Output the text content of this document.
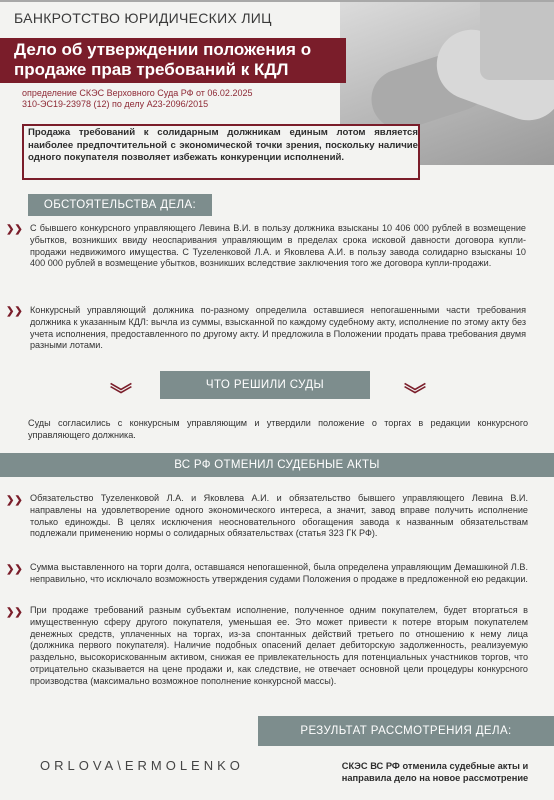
БАНКРОТСТВО ЮРИДИЧЕСКИХ ЛИЦ
Дело об утверждении положения о продаже прав требований к КДЛ
определение СКЭС Верховного Суда РФ от 06.02.2025
310-ЭС19-23978 (12) по делу А23-2096/2015
Продажа требований к солидарным должникам единым лотом является наиболее предпочтительной с экономической точки зрения, поскольку наличие одного покупателя позволяет избежать конкуренции исполнений.
ОБСТОЯТЕЛЬСТВА ДЕЛА:
❯❯ С бывшего конкурсного управляющего Левина В.И. в пользу должника взысканы 10 406 000 рублей в возмещение убытков, возникших ввиду неоспаривания управляющим в пределах срока исковой давности договора купли-продажи недвижимого имущества. С Туzеленковой Л.А. и Яковлева А.И. в пользу завода солидарно взысканы 10 400 000 рублей в возмещение убытков, возникших вследствие заключения того же договора купли-продажи.
❯❯ Конкурсный управляющий должника по-разному определила оставшиеся непогашенными части требования должника к указанным КДЛ: вычла из суммы, взысканной по каждому судебному акту, исполнение по этому акту без учета исполнения, предоставленного по другому акту. И предложила в Положении продать права требования двумя разными лотами.
ЧТО РЕШИЛИ СУДЫ
︾	︾
Суды согласились с конкурсным управляющим и утвердили положение о торгах в редакции конкурсного управляющего должника.
ВС РФ ОТМЕНИЛ СУДЕБНЫЕ АКТЫ
❯❯ Обязательство Туzеленковой Л.А. и Яковлева А.И. и обязательство бывшего управляющего Левина В.И. направлены на удовлетворение одного экономического интереса, а значит, завод вправе получить исполнение только единожды. В целях исключения неосновательного обогащения завода к названным обязательствам подлежали применению нормы о солидарных обязательствах (статья 323 ГК РФ).
❯❯ Сумма выставленного на торги долга, оставшаяся непогашенной, была определена управляющим Демашкиной Л.В. неправильно, что исключало возможность утверждения судами Положения о продаже в предложенной ею редакции.
❯❯ При продаже требований разным субъектам исполнение, полученное одним покупателем, будет вторгаться в имущественную сферу другого покупателя, уменьшая ее. Это может привести к потере вторым покупателем денежных средств, уплаченных на торгах, из-за спонтанных действий третьего по отношению к нему лица (должника первого покупателя). Наличие подобных опасений делает дебиторскую задолженность, реализуемую раздельно, высокорискованным активом, снижая ее привлекательность для потенциальных участников торгов, что отрицательно сказывается на цене продажи и, как следствие, не отвечает основной цели процедуры конкурсного производства (максимально возможное пополнение конкурсной массы).
РЕЗУЛЬТАТ РАССМОТРЕНИЯ ДЕЛА:
ORLOVA\ERMOLENKO	СКЭС ВС РФ отменила судебные акты и направила дело на новое рассмотрение
